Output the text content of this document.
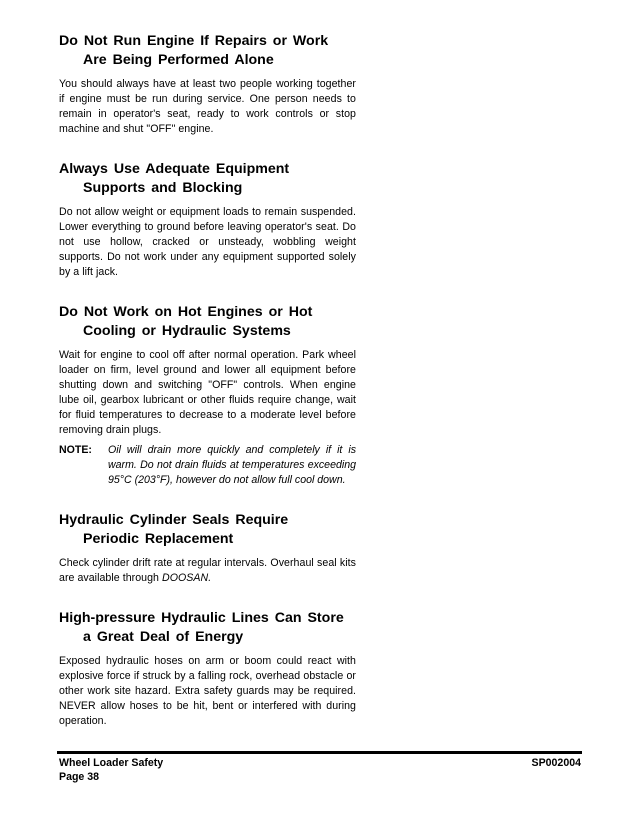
Do Not Run Engine If Repairs or Work
Are Being Performed Alone

You should always have at least two people working together if engine must be run during service. One person needs to remain in operator's seat, ready to work controls or stop machine and shut "OFF" engine.

Always Use Adequate Equipment
Supports and Blocking

Do not allow weight or equipment loads to remain suspended. Lower everything to ground before leaving operator's seat. Do not use hollow, cracked or unsteady, wobbling weight supports. Do not work under any equipment supported solely by a lift jack.

Do Not Work on Hot Engines or Hot
Cooling or Hydraulic Systems

Wait for engine to cool off after normal operation. Park wheel loader on firm, level ground and lower all equipment before shutting down and switching "OFF" controls. When engine lube oil, gearbox lubricant or other fluids require change, wait for fluid temperatures to decrease to a moderate level before removing drain plugs.

NOTE:	Oil will drain more quickly and completely if it is warm. Do not drain fluids at temperatures exceeding 95°C (203°F), however do not allow full cool down.
Hydraulic Cylinder Seals Require
Periodic Replacement

Check cylinder drift rate at regular intervals. Overhaul seal kits are available through DOOSAN.

High-pressure Hydraulic Lines Can Store
a Great Deal of Energy

Exposed hydraulic hoses on arm or boom could react with explosive force if struck by a falling rock, overhead obstacle or other work site hazard. Extra safety guards may be required. NEVER allow hoses to be hit, bent or interfered with during operation.

Wheel Loader Safety
Page 38
SP002004
